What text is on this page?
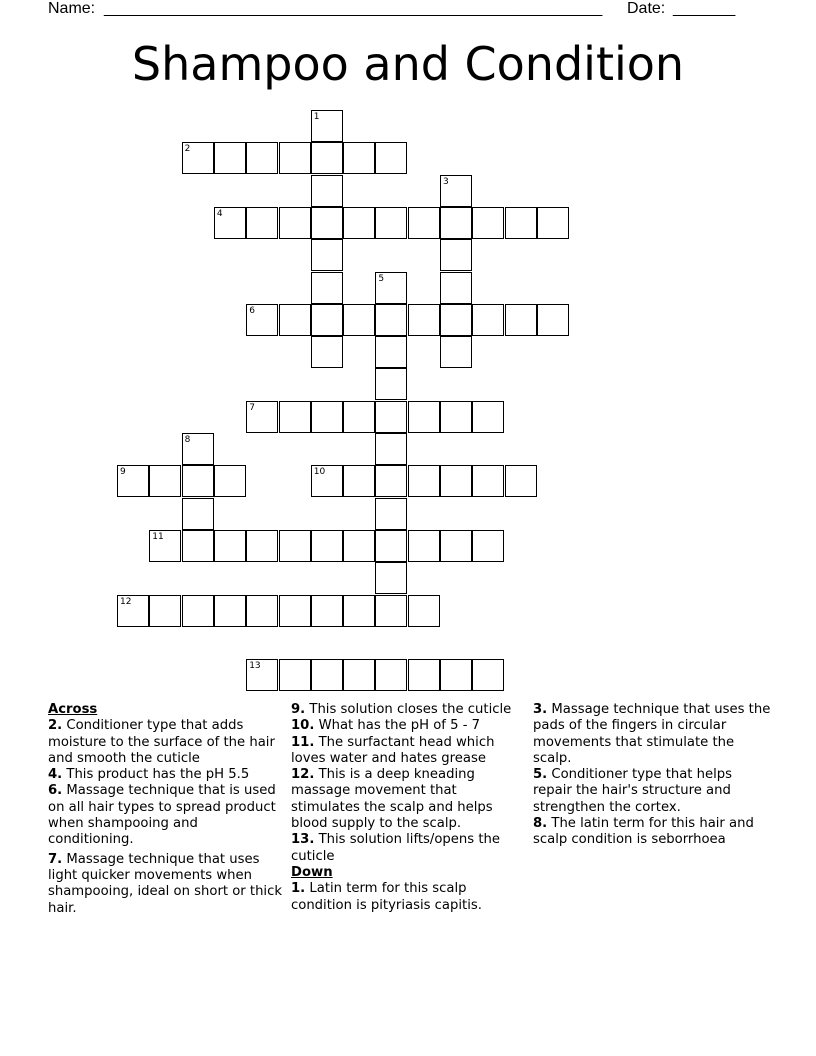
Name: ________________________________________________________ Date: _______
Shampoo and Condition
1
2
3
4
5
6
7
8
9	10
11
12
13
Across
2. Conditioner type that adds moisture to the surface of the hair and smooth the cuticle
4. This product has the pH 5.5
6. Massage technique that is used on all hair types to spread product when shampooing and conditioning.
7. Massage technique that uses light quicker movements when shampooing, ideal on short or thick hair.
9. This solution closes the cuticle
10. What has the pH of 5 - 7
11. The surfactant head which loves water and hates grease
12. This is a deep kneading massage movement that stimulates the scalp and helps blood supply to the scalp.
13. This solution lifts/opens the cuticle
Down
1. Latin term for this scalp condition is pityriasis capitis.
3. Massage technique that uses the pads of the fingers in circular movements that stimulate the scalp.
5. Conditioner type that helps repair the hair's structure and strengthen the cortex.
8. The latin term for this hair and scalp condition is seborrhoea
